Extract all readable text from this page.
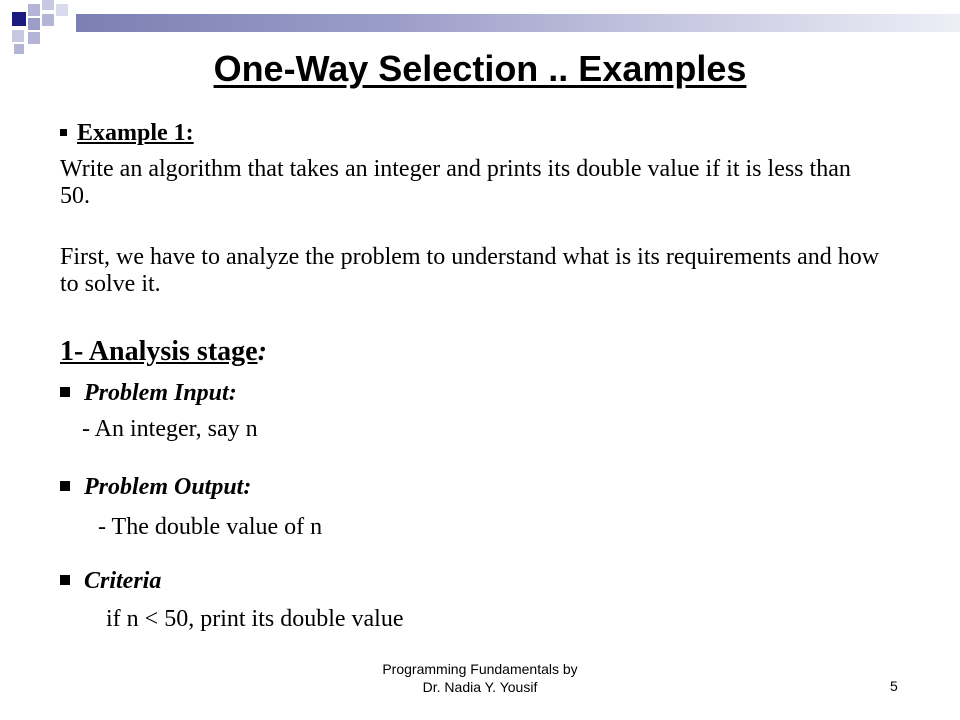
One-Way Selection .. Examples
Example 1:
Write an algorithm that takes an integer and prints its double value if it is less than 50.
First, we have to analyze the problem to understand what is its requirements and how to solve it.
1- Analysis stage:
Problem Input:
- An integer, say n
Problem Output:
- The double value of n
Criteria
if n < 50, print its double value
Programming Fundamentals by
Dr. Nadia Y. Yousif	5
